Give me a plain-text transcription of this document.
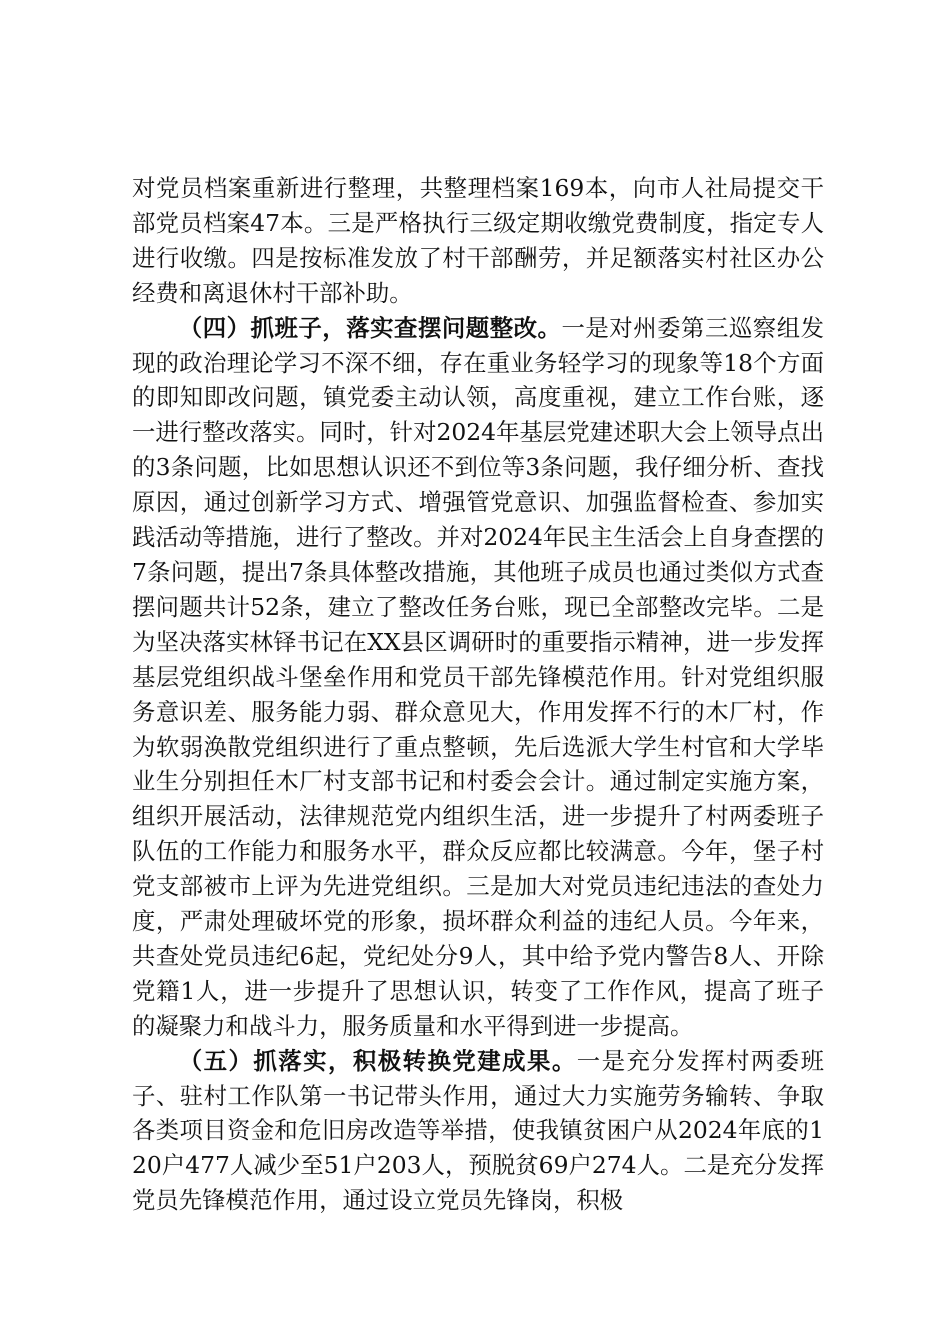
对党员档案重新进行整理，共整理档案169本，向市人社局提交干部党员档案47本。三是严格执行三级定期收缴党费制度，指定专人进行收缴。四是按标准发放了村干部酬劳，并足额落实村社区办公经费和离退休村干部补助。

（四）抓班子，落实查摆问题整改。一是对州委第三巡察组发现的政治理论学习不深不细，存在重业务轻学习的现象等18个方面的即知即改问题，镇党委主动认领，高度重视，建立工作台账，逐一进行整改落实。同时，针对2024年基层党建述职大会上领导点出的3条问题，比如思想认识还不到位等3条问题，我仔细分析、查找原因，通过创新学习方式、增强管党意识、加强监督检查、参加实践活动等措施，进行了整改。并对2024年民主生活会上自身查摆的7条问题，提出7条具体整改措施，其他班子成员也通过类似方式查摆问题共计52条，建立了整改任务台账，现已全部整改完毕。二是为坚决落实林铎书记在XX县区调研时的重要指示精神，进一步发挥基层党组织战斗堡垒作用和党员干部先锋模范作用。针对党组织服务意识差、服务能力弱、群众意见大，作用发挥不行的木厂村，作为软弱涣散党组织进行了重点整顿，先后选派大学生村官和大学毕业生分别担任木厂村支部书记和村委会会计。通过制定实施方案，组织开展活动，法律规范党内组织生活，进一步提升了村两委班子队伍的工作能力和服务水平，群众反应都比较满意。今年，堡子村党支部被市上评为先进党组织。三是加大对党员违纪违法的查处力度，严肃处理破坏党的形象，损坏群众利益的违纪人员。今年来，共查处党员违纪6起，党纪处分9人，其中给予党内警告8人、开除党籍1人，进一步提升了思想认识，转变了工作作风，提高了班子的凝聚力和战斗力，服务质量和水平得到进一步提高。

（五）抓落实，积极转换党建成果。一是充分发挥村两委班子、驻村工作队第一书记带头作用，通过大力实施劳务输转、争取各类项目资金和危旧房改造等举措，使我镇贫困户从2024年底的120户477人减少至51户203人，预脱贫69户274人。二是充分发挥党员先锋模范作用，通过设立党员先锋岗，积极
